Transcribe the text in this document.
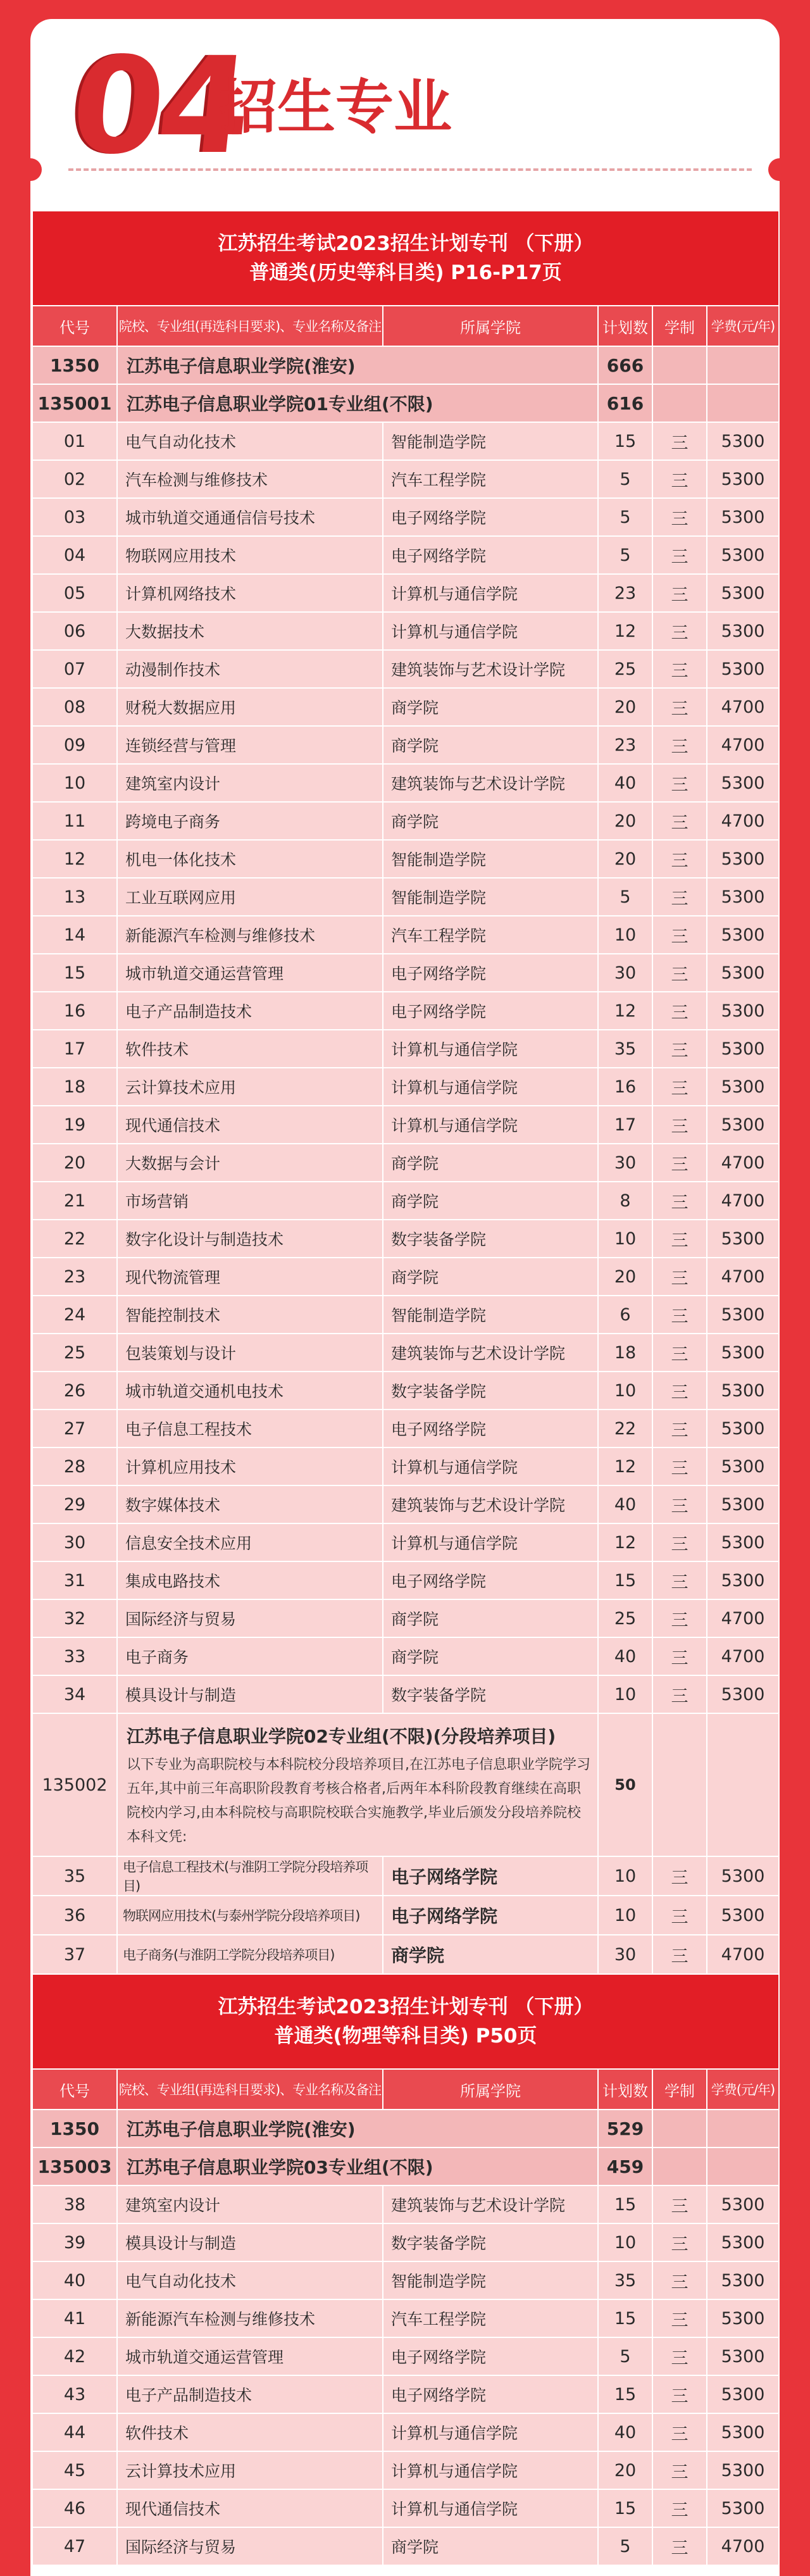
04
招生专业
江苏招生考试2023招生计划专刊 （下册）
普通类(历史等科目类) P16-P17页					

代号	院校、专业组(再选科目要求)、专业名称及备注	所属学院	计划数	学制	学费(元/年)
1350	江苏电子信息职业学院(淮安)		666		
135001	江苏电子信息职业学院01专业组(不限)		616		
01	电气自动化技术	智能制造学院	15	三	5300
02	汽车检测与维修技术	汽车工程学院	5	三	5300
03	城市轨道交通通信信号技术	电子网络学院	5	三	5300
04	物联网应用技术	电子网络学院	5	三	5300
05	计算机网络技术	计算机与通信学院	23	三	5300
06	大数据技术	计算机与通信学院	12	三	5300
07	动漫制作技术	建筑装饰与艺术设计学院	25	三	5300
08	财税大数据应用	商学院	20	三	4700
09	连锁经营与管理	商学院	23	三	4700
10	建筑室内设计	建筑装饰与艺术设计学院	40	三	5300
11	跨境电子商务	商学院	20	三	4700
12	机电一体化技术	智能制造学院	20	三	5300
13	工业互联网应用	智能制造学院	5	三	5300
14	新能源汽车检测与维修技术	汽车工程学院	10	三	5300
15	城市轨道交通运营管理	电子网络学院	30	三	5300
16	电子产品制造技术	电子网络学院	12	三	5300
17	软件技术	计算机与通信学院	35	三	5300
18	云计算技术应用	计算机与通信学院	16	三	5300
19	现代通信技术	计算机与通信学院	17	三	5300
20	大数据与会计	商学院	30	三	4700
21	市场营销	商学院	8	三	4700
22	数字化设计与制造技术	数字装备学院	10	三	5300
23	现代物流管理	商学院	20	三	4700
24	智能控制技术	智能制造学院	6	三	5300
25	包装策划与设计	建筑装饰与艺术设计学院	18	三	5300
26	城市轨道交通机电技术	数字装备学院	10	三	5300
27	电子信息工程技术	电子网络学院	22	三	5300
28	计算机应用技术	计算机与通信学院	12	三	5300
29	数字媒体技术	建筑装饰与艺术设计学院	40	三	5300
30	信息安全技术应用	计算机与通信学院	12	三	5300
31	集成电路技术	电子网络学院	15	三	5300
32	国际经济与贸易	商学院	25	三	4700
33	电子商务	商学院	40	三	4700
34	模具设计与制造	数字装备学院	10	三	5300
135002	江苏电子信息职业学院02专业组(不限)(分段培养项目)
以下专业为高职院校与本科院校分段培养项目,在江苏电子信息职业学院学习五年,其中前三年高职阶段教育考核合格者,后两年本科阶段教育继续在高职院校内学习,由本科院校与高职院校联合实施教学,毕业后颁发分段培养院校本科文凭:		50		
35	电子信息工程技术(与淮阴工学院分段培养项目)	电子网络学院	10	三	5300
36	物联网应用技术(与泰州学院分段培养项目)	电子网络学院	10	三	5300
37	电子商务(与淮阴工学院分段培养项目)	商学院	30	三	4700

江苏招生考试2023招生计划专刊 （下册）
普通类(物理等科目类) P50页					

代号	院校、专业组(再选科目要求)、专业名称及备注	所属学院	计划数	学制	学费(元/年)
1350	江苏电子信息职业学院(淮安)		529		
135003	江苏电子信息职业学院03专业组(不限)		459		
38	建筑室内设计	建筑装饰与艺术设计学院	15	三	5300
39	模具设计与制造	数字装备学院	10	三	5300
40	电气自动化技术	智能制造学院	35	三	5300
41	新能源汽车检测与维修技术	汽车工程学院	15	三	5300
42	城市轨道交通运营管理	电子网络学院	5	三	5300
43	电子产品制造技术	电子网络学院	15	三	5300
44	软件技术	计算机与通信学院	40	三	5300
45	云计算技术应用	计算机与通信学院	20	三	5300
46	现代通信技术	计算机与通信学院	15	三	5300
47	国际经济与贸易	商学院	5	三	4700
